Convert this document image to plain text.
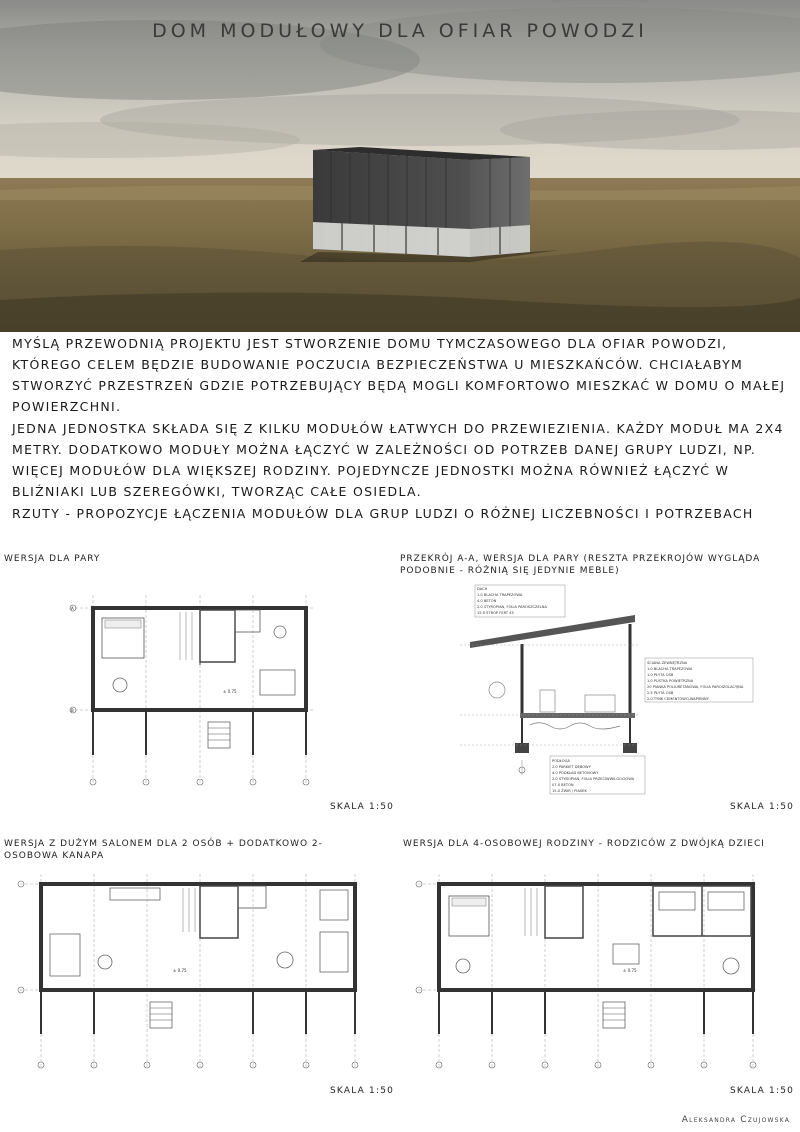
DOM MODUŁOWY DLA OFIAR POWODZI
MYŚLĄ PRZEWODNIĄ PROJEKTU JEST STWORZENIE DOMU TYMCZASOWEGO DLA OFIAR POWODZI, KTÓREGO CELEM BĘDZIE BUDOWANIE POCZUCIA BEZPIECZEŃSTWA U MIESZKAŃCÓW. CHCIAŁABYM STWORZYĆ PRZESTRZEŃ GDZIE POTRZEBUJĄCY BĘDĄ MOGLI KOMFORTOWO MIESZKAĆ W DOMU O MAŁEJ POWIERZCHNI.
JEDNA JEDNOSTKA SKŁADA SIĘ Z KILKU MODUŁÓW ŁATWYCH DO PRZEWIEZIENIA. KAŻDY MODUŁ MA 2X4 METRY. DODATKOWO MODUŁY MOŻNA ŁĄCZYĆ W ZALEŻNOŚCI OD POTRZEB DANEJ GRUPY LUDZI, NP. WIĘCEJ MODUŁÓW DLA WIĘKSZEJ RODZINY. POJEDYNCZE JEDNOSTKI MOŻNA RÓWNIEŻ ŁĄCZYĆ W BLIŹNIAKI LUB SZEREGÓWKI, TWORZĄC CAŁE OSIEDLA.
RZUTY - PROPOZYCJE ŁĄCZENIA MODUŁÓW DLA GRUP LUDZI O RÓŻNEJ LICZEBNOŚCI I POTRZEBACH
WERSJA DLA PARY	PRZEKRÓJ A-A, WERSJA DLA PARY (RESZTA PRZEKROJÓW WYGLĄDA PODOBNIE - RÓŻNIĄ SIĘ JEDYNIE MEBLE)
WERSJA Z DUŻYM SALONEM DLA 2 OSÓB + DODATKOWO 2-OSOBOWA KANAPA
WERSJA DLA 4-OSOBOWEJ RODZINY - RODZICÓW Z DWÓJKĄ DZIECI
± 0.75
A
B
SKALA 1:50
DACH
1.0 BLACHA TRAPEZOWA
4.0 BETON
2.0 STYROPIAN, FOLIA PAROSZCZELNA
15.0 STROP FERT 45
ŚCIANA ZEWNĘTRZNA
1.0 BLACHA TRAPEZOWA
1.0 PŁYTA OSB
1.0 PUSTKA POWIETRZNA
20 PIANKA POLIURETANOWA, FOLIA PAROIZOLACYJNA
2.5 PŁYTA OSB
2.0 TYNK CEMENTOWO-WAPIENNY
PODŁOGA
2.0 PARKIET DĘBOWY
4.0 PODKŁAD BETONOWY
2.0 STYROPIAN, FOLIA PRZECIWWILGOCIOWA
07.0 BETON
15.0 ŻWIR / PIASEK
SKALA 1:50
± 0.75
SKALA 1:50
± 0.75
SKALA 1:50
Aleksandra Czujowska
